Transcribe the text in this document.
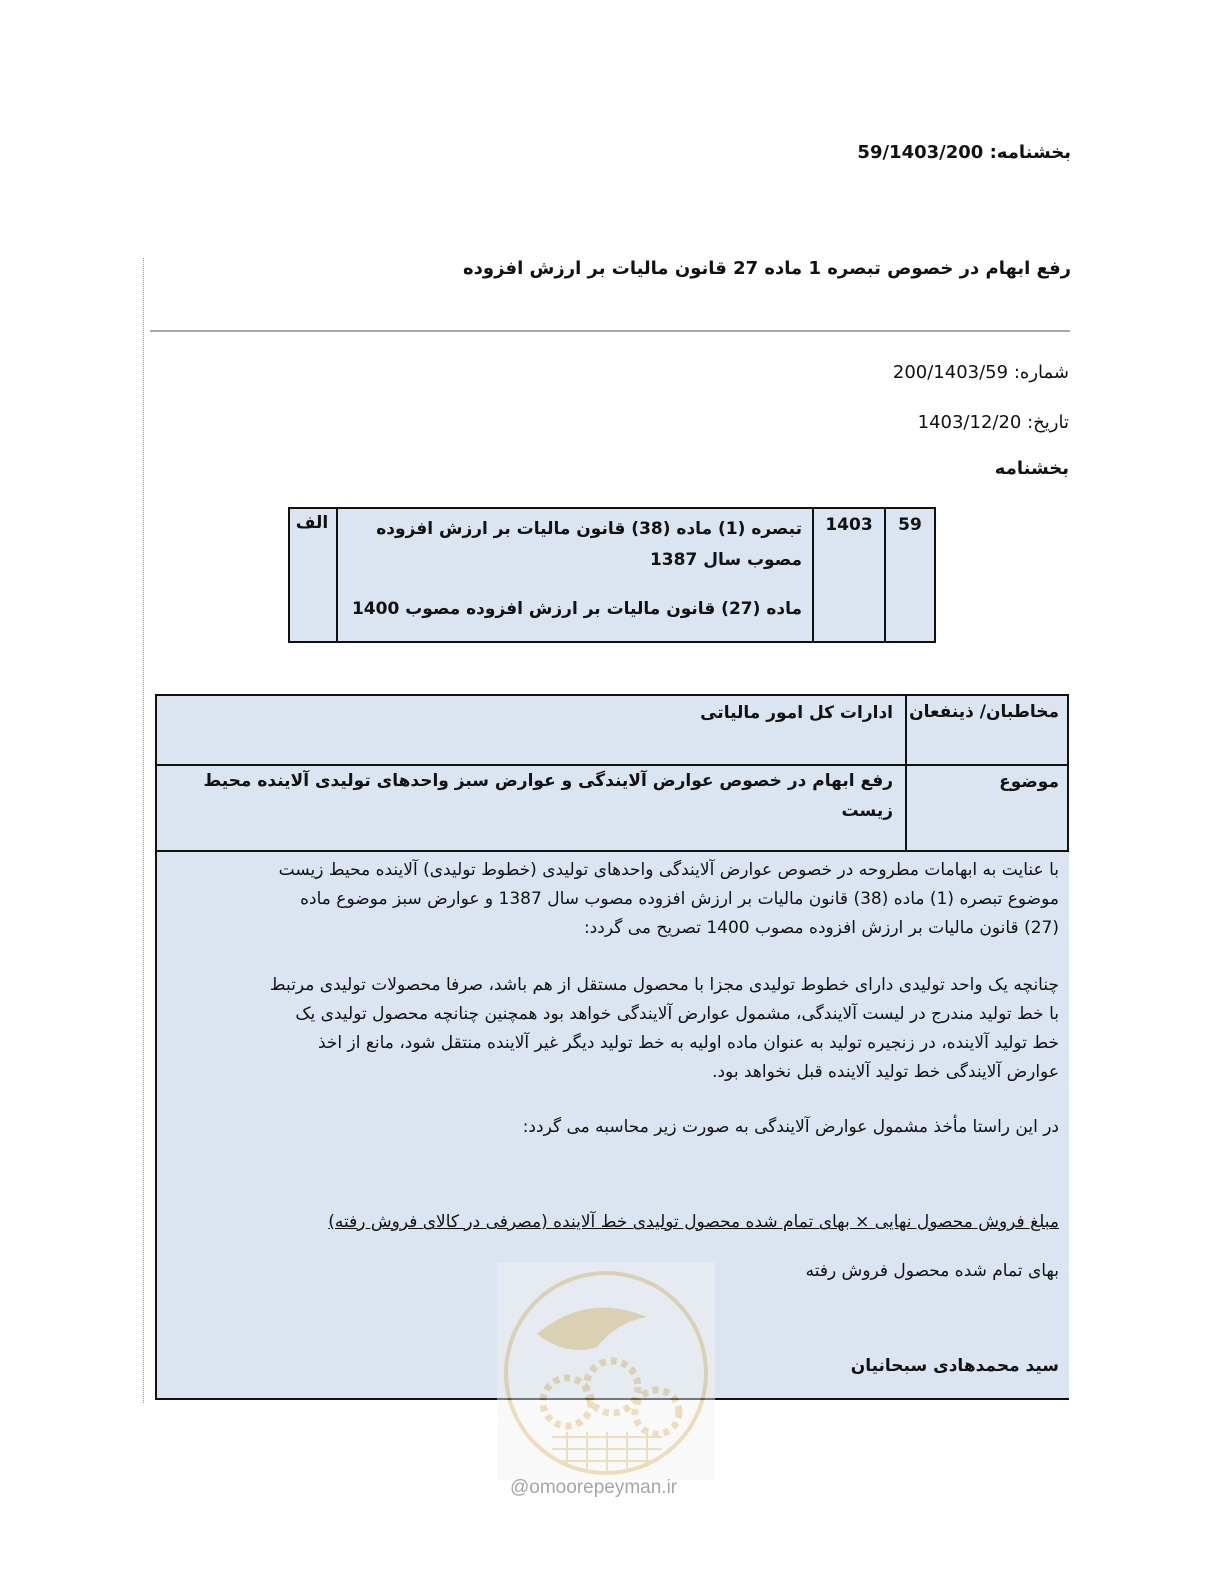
بخشنامه: 59/1403/200
رفع ابهام در خصوص تبصره 1 ماده 27 قانون مالیات بر ارزش افزوده
شماره: 200/1403/59
تاریخ: 1403/12/20
بخشنامه
59
1403
تبصره (1) ماده (38) قانون مالیات بر ارزش افزوده
مصوب سال 1387
ماده (27) قانون مالیات بر ارزش افزوده مصوب 1400
الف
مخاطبان/ ذینفعان
ادارات کل امور مالیاتی
موضوع
رفع ابهام در خصوص عوارض آلایندگی و عوارض سبز واحدهای تولیدی آلاینده محیط
زیست
با عنایت به ابهامات مطروحه در خصوص عوارض آلایندگی واحدهای تولیدی (خطوط تولیدی) آلاینده محیط زیست
موضوع تبصره (1) ماده (38) قانون مالیات بر ارزش افزوده مصوب سال 1387 و عوارض سبز موضوع ماده
(27) قانون مالیات بر ارزش افزوده مصوب 1400 تصریح می گردد:
چنانچه یک واحد تولیدی دارای خطوط تولیدی مجزا با محصول مستقل از هم باشد، صرفا محصولات تولیدی مرتبط
با خط تولید مندرج در لیست آلایندگی، مشمول عوارض آلایندگی خواهد بود همچنین چنانچه محصول تولیدی یک
خط تولید آلاینده، در زنجیره تولید به عنوان ماده اولیه به خط تولید دیگر غیر آلاینده منتقل شود، مانع از اخذ
عوارض آلایندگی خط تولید آلاینده قبل نخواهد بود.
در این راستا مأخذ مشمول عوارض آلایندگی به صورت زیر محاسبه می گردد:
مبلغ فروش محصول نهایی × بهای تمام شده محصول تولیدی خط آلاینده (مصرفی در کالای فروش رفته)
بهای تمام شده محصول فروش رفته
سید محمدهادی سبحانیان
@omoorepeyman.ir
